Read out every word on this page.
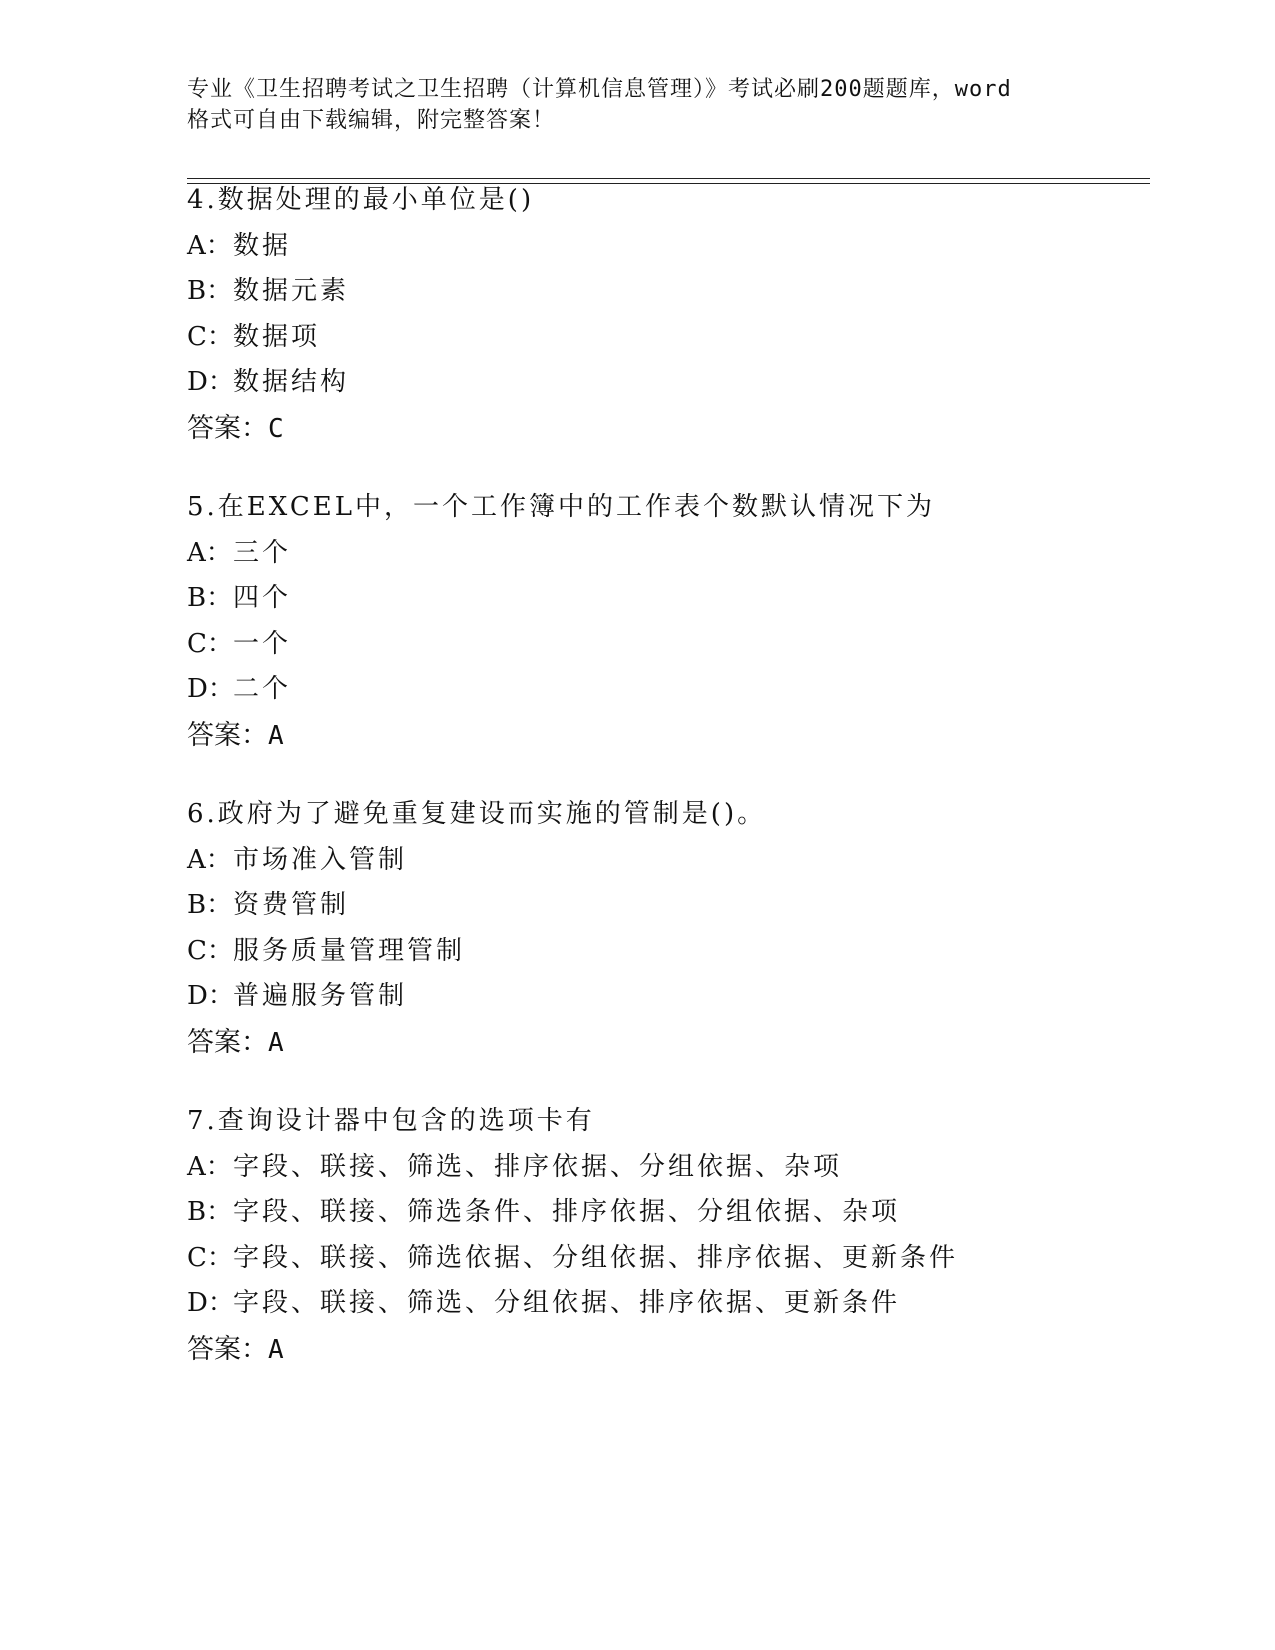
专业《卫生招聘考试之卫生招聘（计算机信息管理）》考试必刷200题题库，word
格式可自由下载编辑，附完整答案！
4.数据处理的最小单位是()
A：数据
B：数据元素
C：数据项
D：数据结构
答案：C
5.在EXCEL中，一个工作簿中的工作表个数默认情况下为
A：三个
B：四个
C：一个
D：二个
答案：A
6.政府为了避免重复建设而实施的管制是()。
A：市场准入管制
B：资费管制
C：服务质量管理管制
D：普遍服务管制
答案：A
7.查询设计器中包含的选项卡有
A：字段、联接、筛选、排序依据、分组依据、杂项
B：字段、联接、筛选条件、排序依据、分组依据、杂项
C：字段、联接、筛选依据、分组依据、排序依据、更新条件
D：字段、联接、筛选、分组依据、排序依据、更新条件
答案：A
